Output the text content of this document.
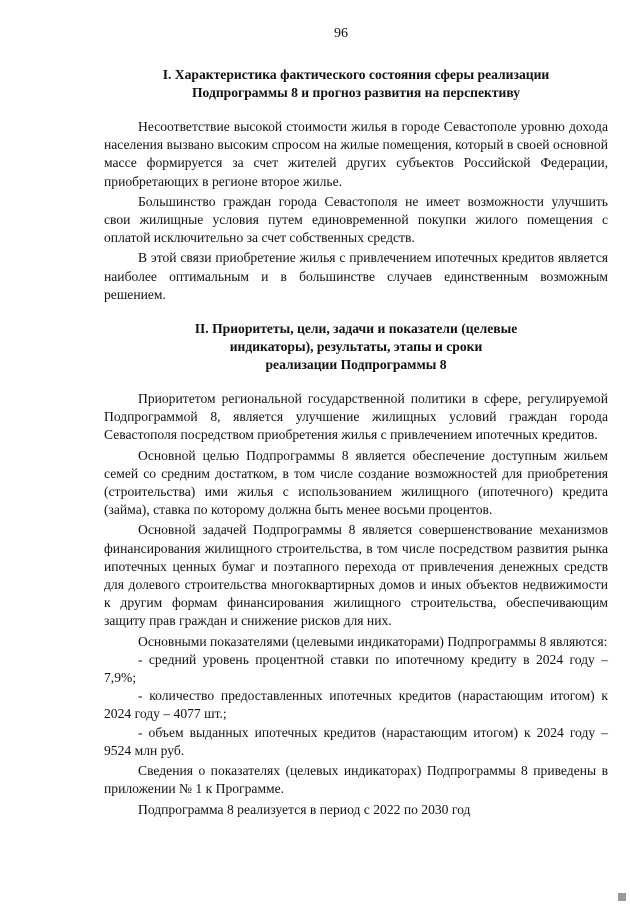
96
I. Характеристика фактического состояния сферы реализации
Подпрограммы 8 и прогноз развития на перспективу

Несоответствие высокой стоимости жилья в городе Севастополе уровню дохода населения вызвано высоким спросом на жилые помещения, который в своей основной массе формируется за счет жителей других субъектов Российской Федерации, приобретающих в регионе второе жилье.

Большинство граждан города Севастополя не имеет возможности улучшить свои жилищные условия путем единовременной покупки жилого помещения с оплатой исключительно за счет собственных средств.

В этой связи приобретение жилья с привлечением ипотечных кредитов является наиболее оптимальным и в большинстве случаев единственным возможным решением.

II. Приоритеты, цели, задачи и показатели (целевые
индикаторы), результаты, этапы и сроки
реализации Подпрограммы 8

Приоритетом региональной государственной политики в сфере, регулируемой Подпрограммой 8, является улучшение жилищных условий граждан города Севастополя посредством приобретения жилья с привлечением ипотечных кредитов.

Основной целью Подпрограммы 8 является обеспечение доступным жильем семей со средним достатком, в том числе создание возможностей для приобретения (строительства) ими жилья с использованием жилищного (ипотечного) кредита (займа), ставка по которому должна быть менее восьми процентов.

Основной задачей Подпрограммы 8 является совершенствование механизмов финансирования жилищного строительства, в том числе посредством развития рынка ипотечных ценных бумаг и поэтапного перехода от привлечения денежных средств для долевого строительства многоквартирных домов и иных объектов недвижимости к другим формам финансирования жилищного строительства, обеспечивающим защиту прав граждан и снижение рисков для них.

Основными показателями (целевыми индикаторами) Подпрограммы 8 являются:

- средний уровень процентной ставки по ипотечному кредиту в 2024 году – 7,9%;

- количество предоставленных ипотечных кредитов (нарастающим итогом) к 2024 году – 4077 шт.;

- объем выданных ипотечных кредитов (нарастающим итогом) к 2024 году – 9524 млн руб.

Сведения о показателях (целевых индикаторах) Подпрограммы 8 приведены в приложении № 1 к Программе.

Подпрограмма 8 реализуется в период с 2022 по 2030 год
